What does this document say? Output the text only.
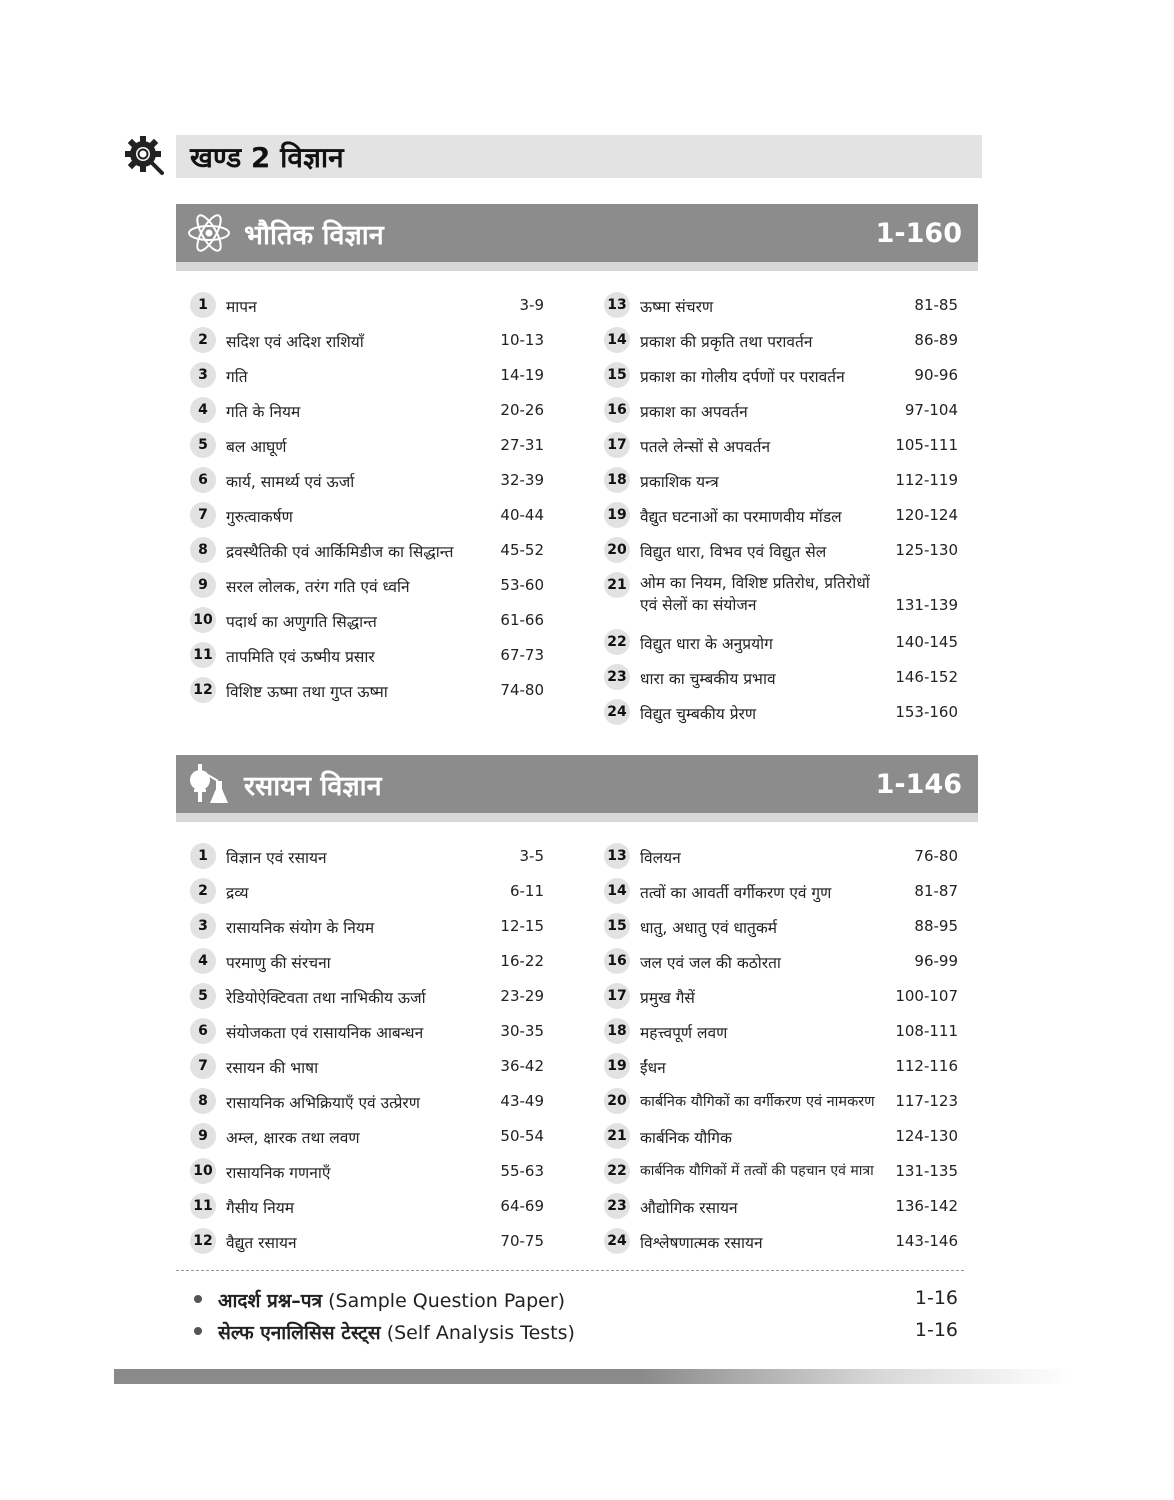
खण्ड 2 विज्ञान
भौतिक विज्ञान	1-160
1	मापन	3-9
2	सदिश एवं अदिश राशियाँ	10-13
3	गति	14-19
4	गति के नियम	20-26
5	बल आघूर्ण	27-31
6	कार्य, सामर्थ्य एवं ऊर्जा	32-39
7	गुरुत्वाकर्षण	40-44
8	द्रवस्थैतिकी एवं आर्किमिडीज का सिद्धान्त	45-52
9	सरल लोलक, तरंग गति एवं ध्वनि	53-60
10 पदार्थ का अणुगति सिद्धान्त	61-66
11 तापमिति एवं ऊष्मीय प्रसार	67-73
12 विशिष्ट ऊष्मा तथा गुप्त ऊष्मा	74-80
13 ऊष्मा संचरण	81-85
14 प्रकाश की प्रकृति तथा परावर्तन	86-89
15 प्रकाश का गोलीय दर्पणों पर परावर्तन	90-96
16 प्रकाश का अपवर्तन	97-104
17 पतले लेन्सों से अपवर्तन	105-111
18 प्रकाशिक यन्त्र	112-119
19 वैद्युत घटनाओं का परमाणवीय मॉडल	120-124
20 विद्युत धारा, विभव एवं विद्युत सेल	125-130
21 ओम का नियम, विशिष्ट प्रतिरोध, प्रतिरोधों एवं सेलों का संयोजन	131-139
22 विद्युत धारा के अनुप्रयोग	140-145
23 धारा का चुम्बकीय प्रभाव	146-152
24 विद्युत चुम्बकीय प्रेरण	153-160
रसायन विज्ञान	1-146
1	विज्ञान एवं रसायन	3-5
2	द्रव्य	6-11
3	रासायनिक संयोग के नियम	12-15
4	परमाणु की संरचना	16-22
5	रेडियोऐक्टिवता तथा नाभिकीय ऊर्जा	23-29
6	संयोजकता एवं रासायनिक आबन्धन	30-35
7	रसायन की भाषा	36-42
8	रासायनिक अभिक्रियाएँ एवं उत्प्रेरण	43-49
9	अम्ल, क्षारक तथा लवण	50-54
10 रासायनिक गणनाएँ	55-63
11 गैसीय नियम	64-69
12 वैद्युत रसायन	70-75
13 विलयन	76-80
14 तत्वों का आवर्ती वर्गीकरण एवं गुण	81-87
15 धातु, अधातु एवं धातुकर्म	88-95
16 जल एवं जल की कठोरता	96-99
17 प्रमुख गैसें	100-107
18 महत्त्वपूर्ण लवण	108-111
19 ईंधन	112-116
20 कार्बनिक यौगिकों का वर्गीकरण एवं नामकरण 117-123
21 कार्बनिक यौगिक	124-130
22 कार्बनिक यौगिकों में तत्वों की पहचान एवं मात्रा 131-135
23 औद्योगिक रसायन	136-142
24 विश्लेषणात्मक रसायन	143-146
आदर्श प्रश्न–पत्र (Sample Question Paper)	1-16
सेल्फ एनालिसिस टेस्ट्स (Self Analysis Tests)	1-16
